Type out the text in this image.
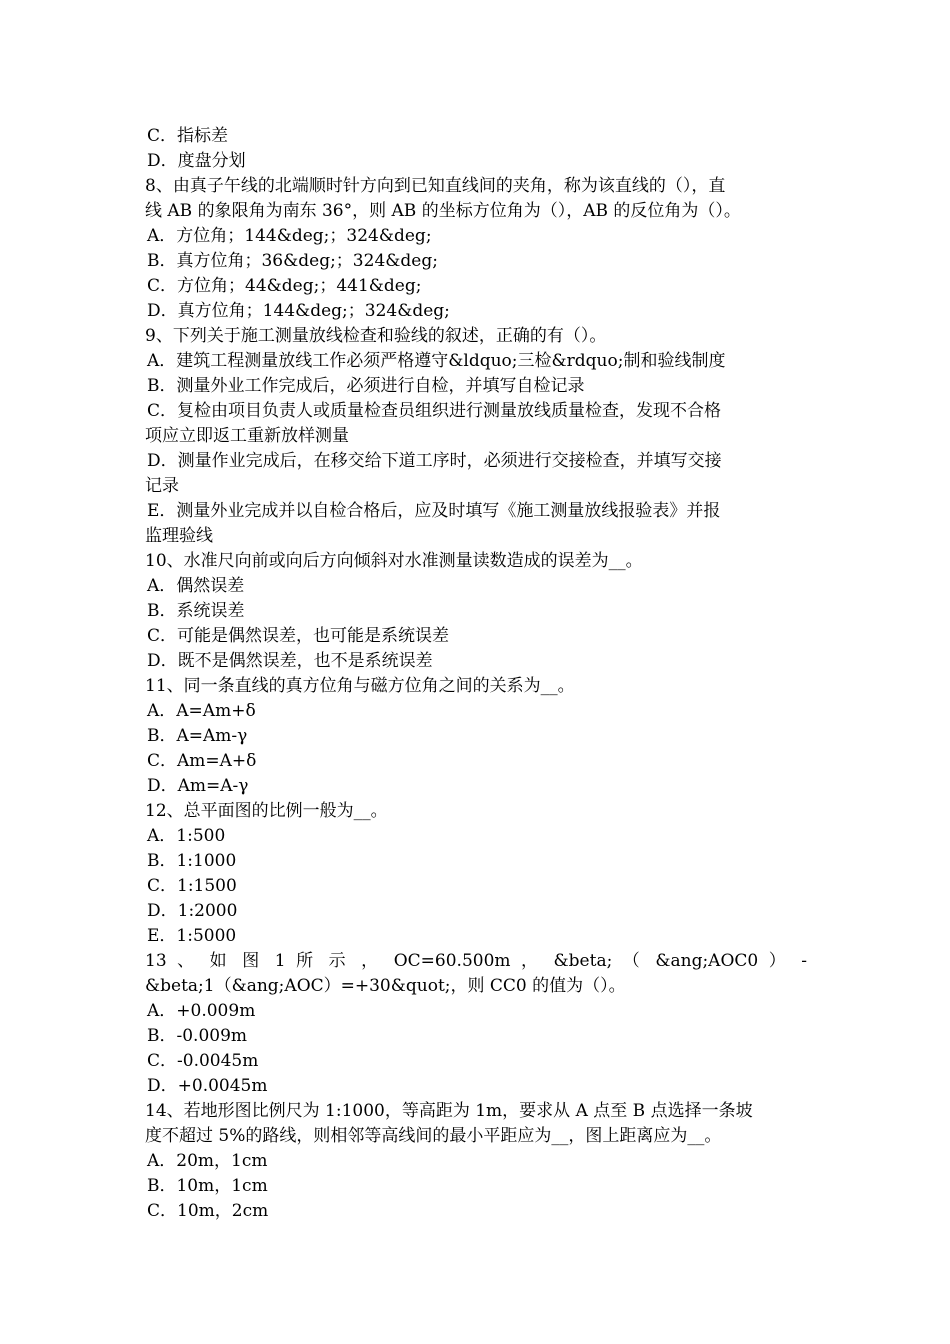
C．指标差
D．度盘分划
8、由真子午线的北端顺时针方向到已知直线间的夹角，称为该直线的（），直
线 AB 的象限角为南东 36°，则 AB 的坐标方位角为（），AB 的反位角为（）。
A．方位角；144&deg;；324&deg;
B．真方位角；36&deg;；324&deg;
C．方位角；44&deg;；441&deg;
D．真方位角；144&deg;；324&deg;
9、下列关于施工测量放线检查和验线的叙述，正确的有（）。
A．建筑工程测量放线工作必须严格遵守&ldquo;三检&rdquo;制和验线制度
B．测量外业工作完成后，必须进行自检，并填写自检记录
C．复检由项目负责人或质量检查员组织进行测量放线质量检查，发现不合格
项应立即返工重新放样测量
D．测量作业完成后，在移交给下道工序时，必须进行交接检查，并填写交接
记录
E．测量外业完成并以自检合格后，应及时填写《施工测量放线报验表》并报
监理验线
10、水准尺向前或向后方向倾斜对水准测量读数造成的误差为__。
A．偶然误差
B．系统误差
C．可能是偶然误差，也可能是系统误差
D．既不是偶然误差，也不是系统误差
11、同一条直线的真方位角与磁方位角之间的关系为__。
A．A=Am+δ
B．A=Am-γ
C．Am=A+δ
D．Am=A-γ
12、总平面图的比例一般为__。
A．1:500
B．1:1000
C．1:1500
D．1:2000
E．1:5000
13 、 如 图 1 所 示 ， OC=60.500m ， &beta; （ &ang;AOC0 ） -
&beta;1（&ang;AOC）=+30&quot;，则 CC0 的值为（）。
A．+0.009m
B．-0.009m
C．-0.0045m
D．+0.0045m
14、若地形图比例尺为 1:1000，等高距为 1m，要求从 A 点至 B 点选择一条坡
度不超过 5%的路线，则相邻等高线间的最小平距应为__，图上距离应为__。
A．20m，1cm
B．10m，1cm
C．10m，2cm
